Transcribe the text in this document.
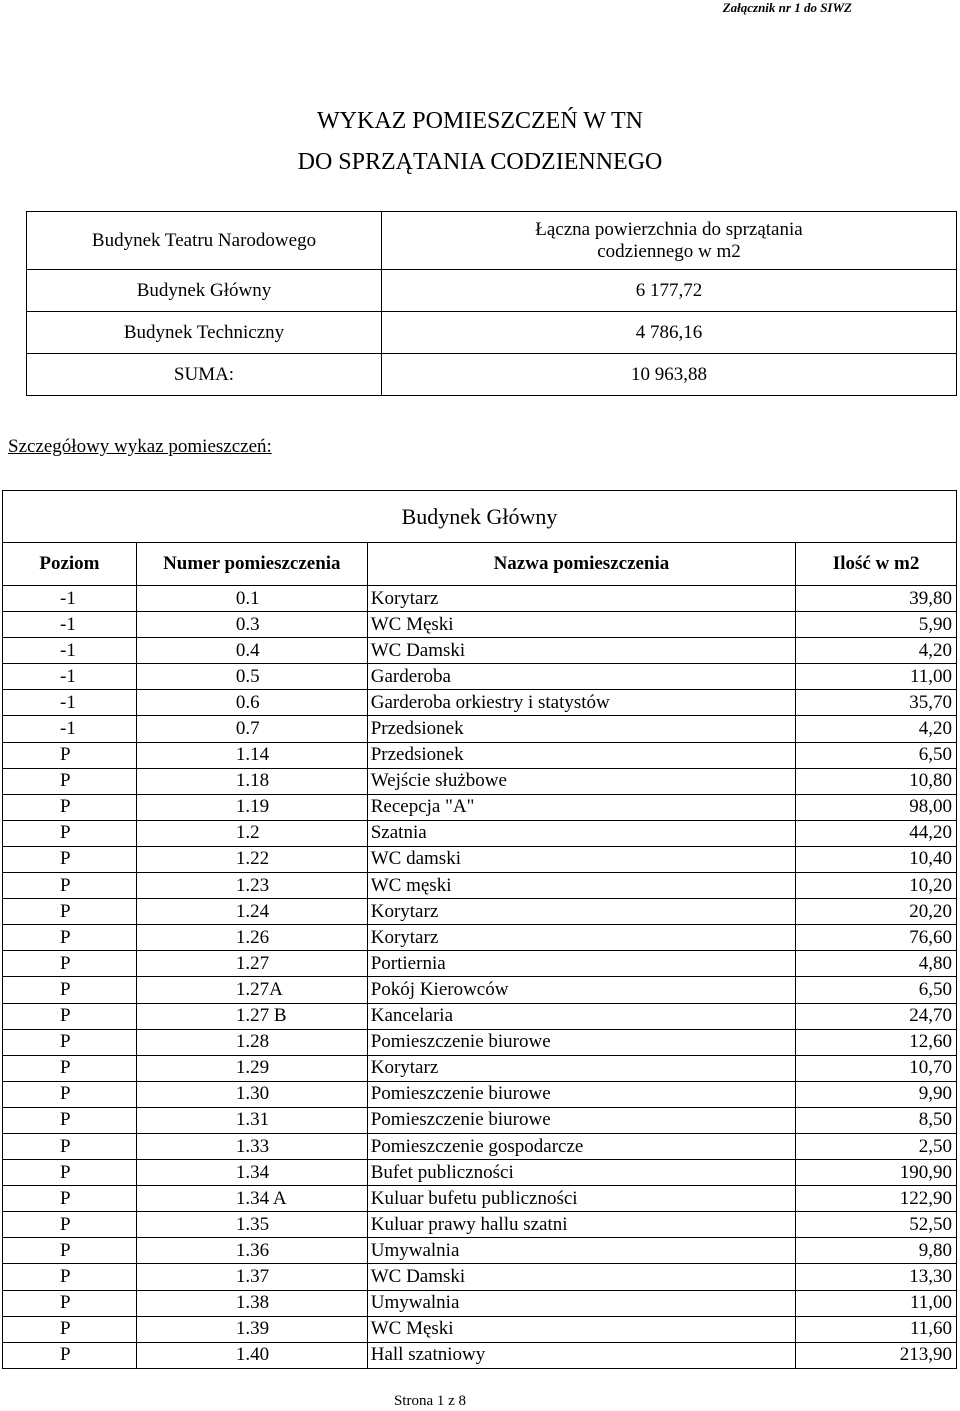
Załącznik nr 1 do SIWZ
WYKAZ POMIESZCZEŃ W TN
DO SPRZĄTANIA CODZIENNEGO
Budynek Teatru Narodowego	Łączna powierzchnia do sprzątania
codziennego w m2
Budynek Główny	6 177,72
Budynek Techniczny	4 786,16
SUMA:	10 963,88
Szczegółowy wykaz pomieszczeń:
Budynek Główny			
Poziom	Numer pomieszczenia	Nazwa pomieszczenia	Ilość w m2
-1	0.1	Korytarz	39,80
-1	0.3	WC Męski	5,90
-1	0.4	WC Damski	4,20
-1	0.5	Garderoba	11,00
-1	0.6	Garderoba orkiestry i statystów	35,70
-1	0.7	Przedsionek	4,20
P	1.14	Przedsionek	6,50
P	1.18	Wejście służbowe	10,80
P	1.19	Recepcja "A"	98,00
P	1.2	Szatnia	44,20
P	1.22	WC damski	10,40
P	1.23	WC męski	10,20
P	1.24	Korytarz	20,20
P	1.26	Korytarz	76,60
P	1.27	Portiernia	4,80
P	1.27A	Pokój Kierowców	6,50
P	1.27 B	Kancelaria	24,70
P	1.28	Pomieszczenie biurowe	12,60
P	1.29	Korytarz	10,70
P	1.30	Pomieszczenie biurowe	9,90
P	1.31	Pomieszczenie biurowe	8,50
P	1.33	Pomieszczenie gospodarcze	2,50
P	1.34	Bufet publiczności	190,90
P	1.34 A	Kuluar bufetu publiczności	122,90
P	1.35	Kuluar prawy hallu szatni	52,50
P	1.36	Umywalnia	9,80
P	1.37	WC Damski	13,30
P	1.38	Umywalnia	11,00
P	1.39	WC Męski	11,60
P	1.40	Hall szatniowy	213,90
Strona 1 z 8
